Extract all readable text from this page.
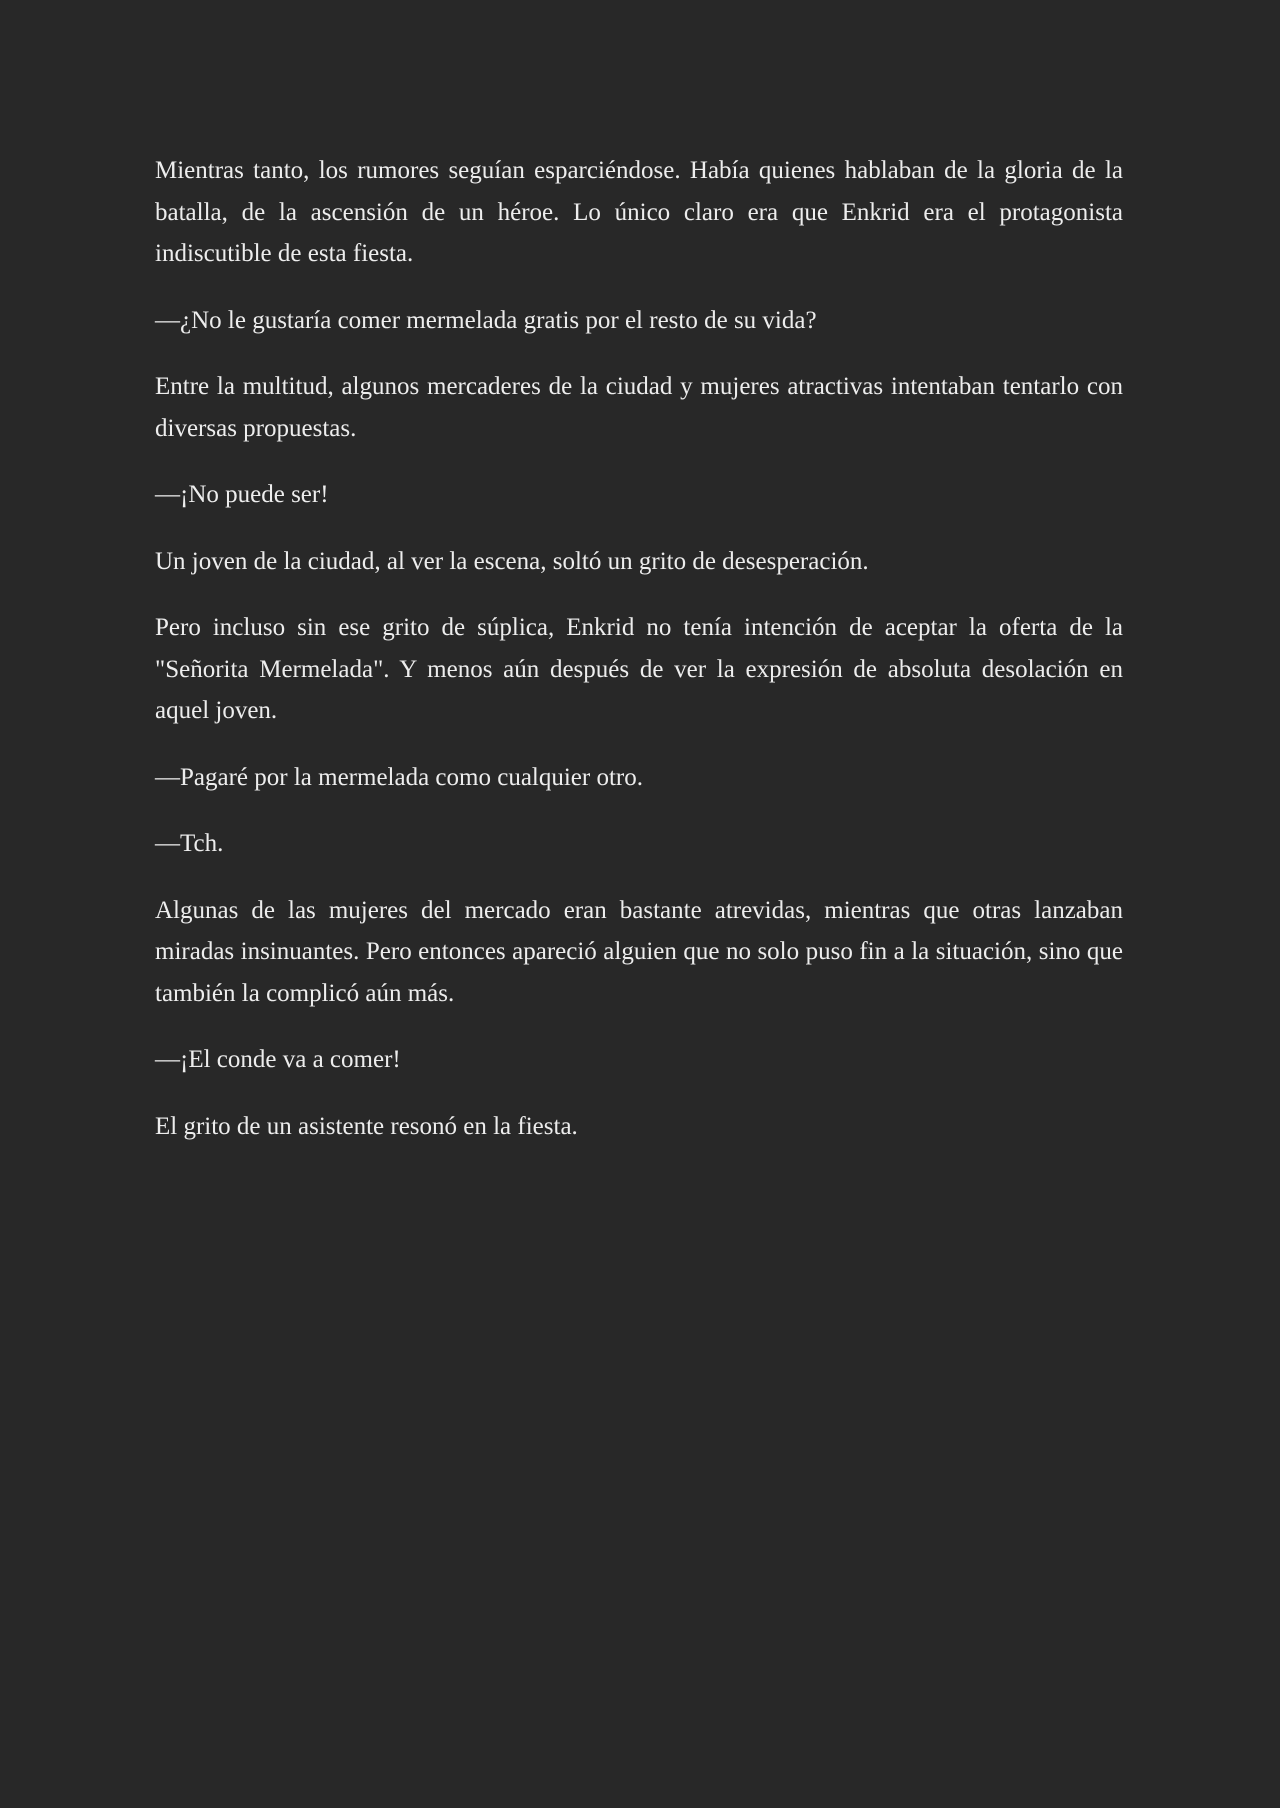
Mientras tanto, los rumores seguían esparciéndose. Había quienes hablaban de la gloria de la batalla, de la ascensión de un héroe. Lo único claro era que Enkrid era el protagonista indiscutible de esta fiesta.

—¿No le gustaría comer mermelada gratis por el resto de su vida?

Entre la multitud, algunos mercaderes de la ciudad y mujeres atractivas intentaban tentarlo con diversas propuestas.

—¡No puede ser!

Un joven de la ciudad, al ver la escena, soltó un grito de desesperación.

Pero incluso sin ese grito de súplica, Enkrid no tenía intención de aceptar la oferta de la "Señorita Mermelada". Y menos aún después de ver la expresión de absoluta desolación en aquel joven.

—Pagaré por la mermelada como cualquier otro.

—Tch.

Algunas de las mujeres del mercado eran bastante atrevidas, mientras que otras lanzaban miradas insinuantes. Pero entonces apareció alguien que no solo puso fin a la situación, sino que también la complicó aún más.

—¡El conde va a comer!

El grito de un asistente resonó en la fiesta.
